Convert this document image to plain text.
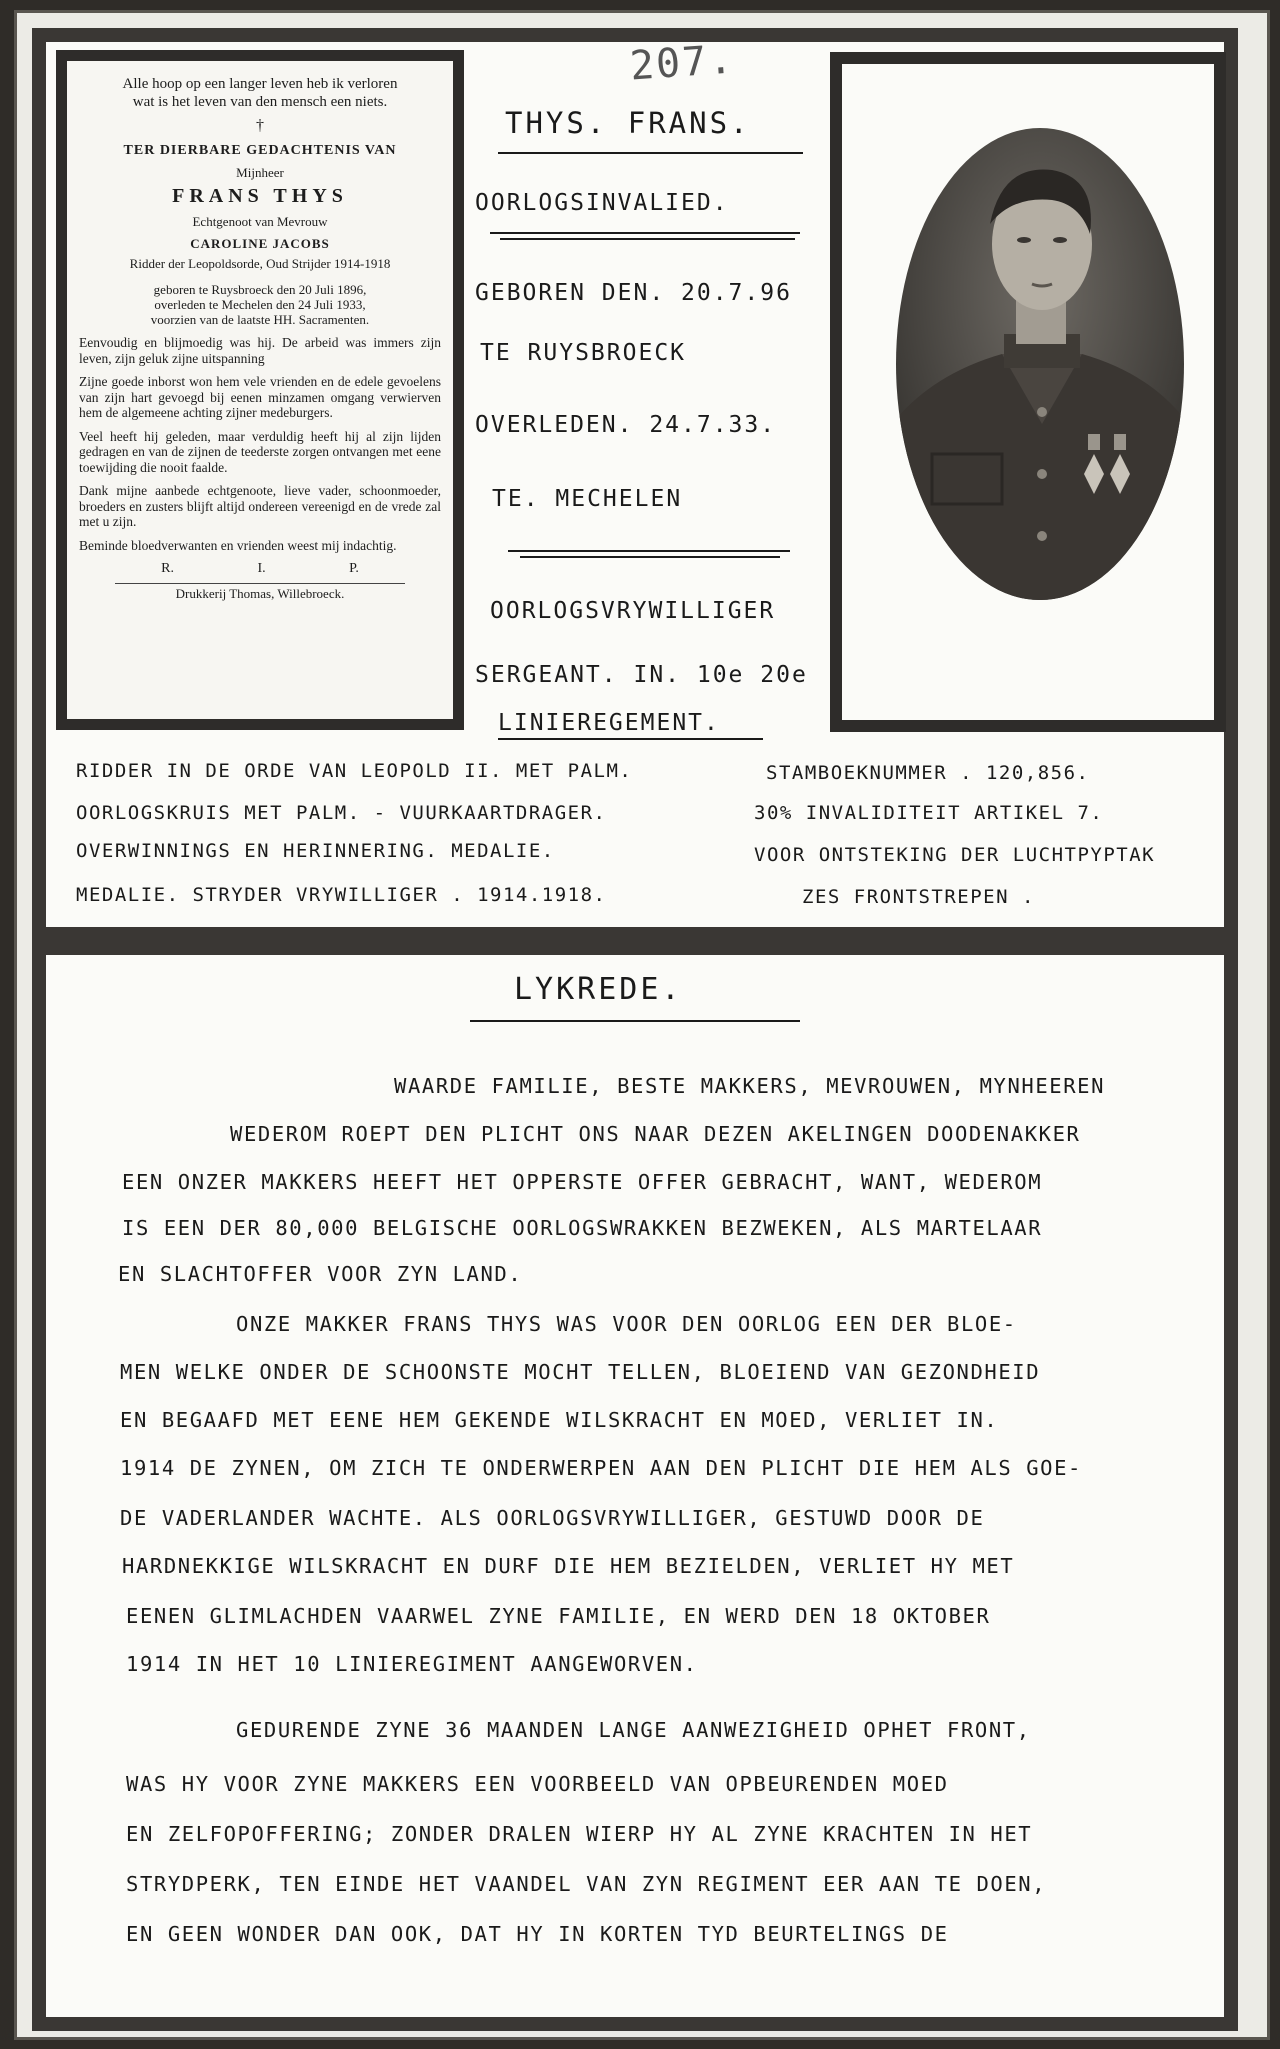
207.
Alle hoop op een langer leven heb ik verloren
wat is het leven van den mensch een niets.
†
TER DIERBARE GEDACHTENIS VAN
Mijnheer
FRANS THYS
Echtgenoot van Mevrouw
CAROLINE JACOBS
Ridder der Leopoldsorde, Oud Strijder 1914-1918
geboren te Ruysbroeck den 20 Juli 1896,
overleden te Mechelen den 24 Juli 1933,
voorzien van de laatste HH. Sacramenten.
Eenvoudig en blijmoedig was hij. De arbeid was immers zijn leven, zijn geluk zijne uitspanning
Zijne goede inborst won hem vele vrienden en de edele gevoelens van zijn hart gevoegd bij eenen minzamen omgang verwierven hem de algemeene achting zijner medeburgers.
Veel heeft hij geleden, maar verduldig heeft hij al zijn lijden gedragen en van de zijnen de teederste zorgen ontvangen met eene toewijding die nooit faalde.
Dank mijne aanbede echtgenoote, lieve vader, schoonmoeder, broeders en zusters blijft altijd ondereen vereenigd en de vrede zal met u zijn.
Beminde bloedverwanten en vrienden weest mij indachtig.
R. I. P.
Drukkerij Thomas, Willebroeck.
THYS. FRANS.
OORLOGSINVALIED.
GEBOREN DEN. 20.7.96
TE RUYSBROECK
OVERLEDEN. 24.7.33.
TE. MECHELEN
OORLOGSVRYWILLIGER
SERGEANT. IN. 10e 20e
LINIEREGEMENT.
RIDDER IN DE ORDE VAN LEOPOLD II. MET PALM.
OORLOGSKRUIS MET PALM. - VUURKAARTDRAGER.
OVERWINNINGS EN HERINNERING. MEDALIE.
MEDALIE. STRYDER VRYWILLIGER . 1914.1918.
STAMBOEKNUMMER . 120,856.
30% INVALIDITEIT ARTIKEL 7.
VOOR ONTSTEKING DER LUCHTPYPTAK
ZES FRONTSTREPEN .
LYKREDE.
WAARDE FAMILIE, BESTE MAKKERS, MEVROUWEN, MYNHEEREN
WEDEROM ROEPT DEN PLICHT ONS NAAR DEZEN AKELINGEN DOODENAKKER
EEN ONZER MAKKERS HEEFT HET OPPERSTE OFFER GEBRACHT, WANT, WEDEROM
IS EEN DER 80,000 BELGISCHE OORLOGSWRAKKEN BEZWEKEN, ALS MARTELAAR
EN SLACHTOFFER VOOR ZYN LAND.
ONZE MAKKER FRANS THYS WAS VOOR DEN OORLOG EEN DER BLOE-
MEN WELKE ONDER DE SCHOONSTE MOCHT TELLEN, BLOEIEND VAN GEZONDHEID
EN BEGAAFD MET EENE HEM GEKENDE WILSKRACHT EN MOED, VERLIET IN.
1914 DE ZYNEN, OM ZICH TE ONDERWERPEN AAN DEN PLICHT DIE HEM ALS GOE-
DE VADERLANDER WACHTE. ALS OORLOGSVRYWILLIGER, GESTUWD DOOR DE
HARDNEKKIGE WILSKRACHT EN DURF DIE HEM BEZIELDEN, VERLIET HY MET
EENEN GLIMLACHDEN VAARWEL ZYNE FAMILIE, EN WERD DEN 18 OKTOBER
1914 IN HET 10 LINIEREGIMENT AANGEWORVEN.
GEDURENDE ZYNE 36 MAANDEN LANGE AANWEZIGHEID OPHET FRONT,
WAS HY VOOR ZYNE MAKKERS EEN VOORBEELD VAN OPBEURENDEN MOED
EN ZELFOPOFFERING; ZONDER DRALEN WIERP HY AL ZYNE KRACHTEN IN HET
STRYDPERK, TEN EINDE HET VAANDEL VAN ZYN REGIMENT EER AAN TE DOEN,
EN GEEN WONDER DAN OOK, DAT HY IN KORTEN TYD BEURTELINGS DE
